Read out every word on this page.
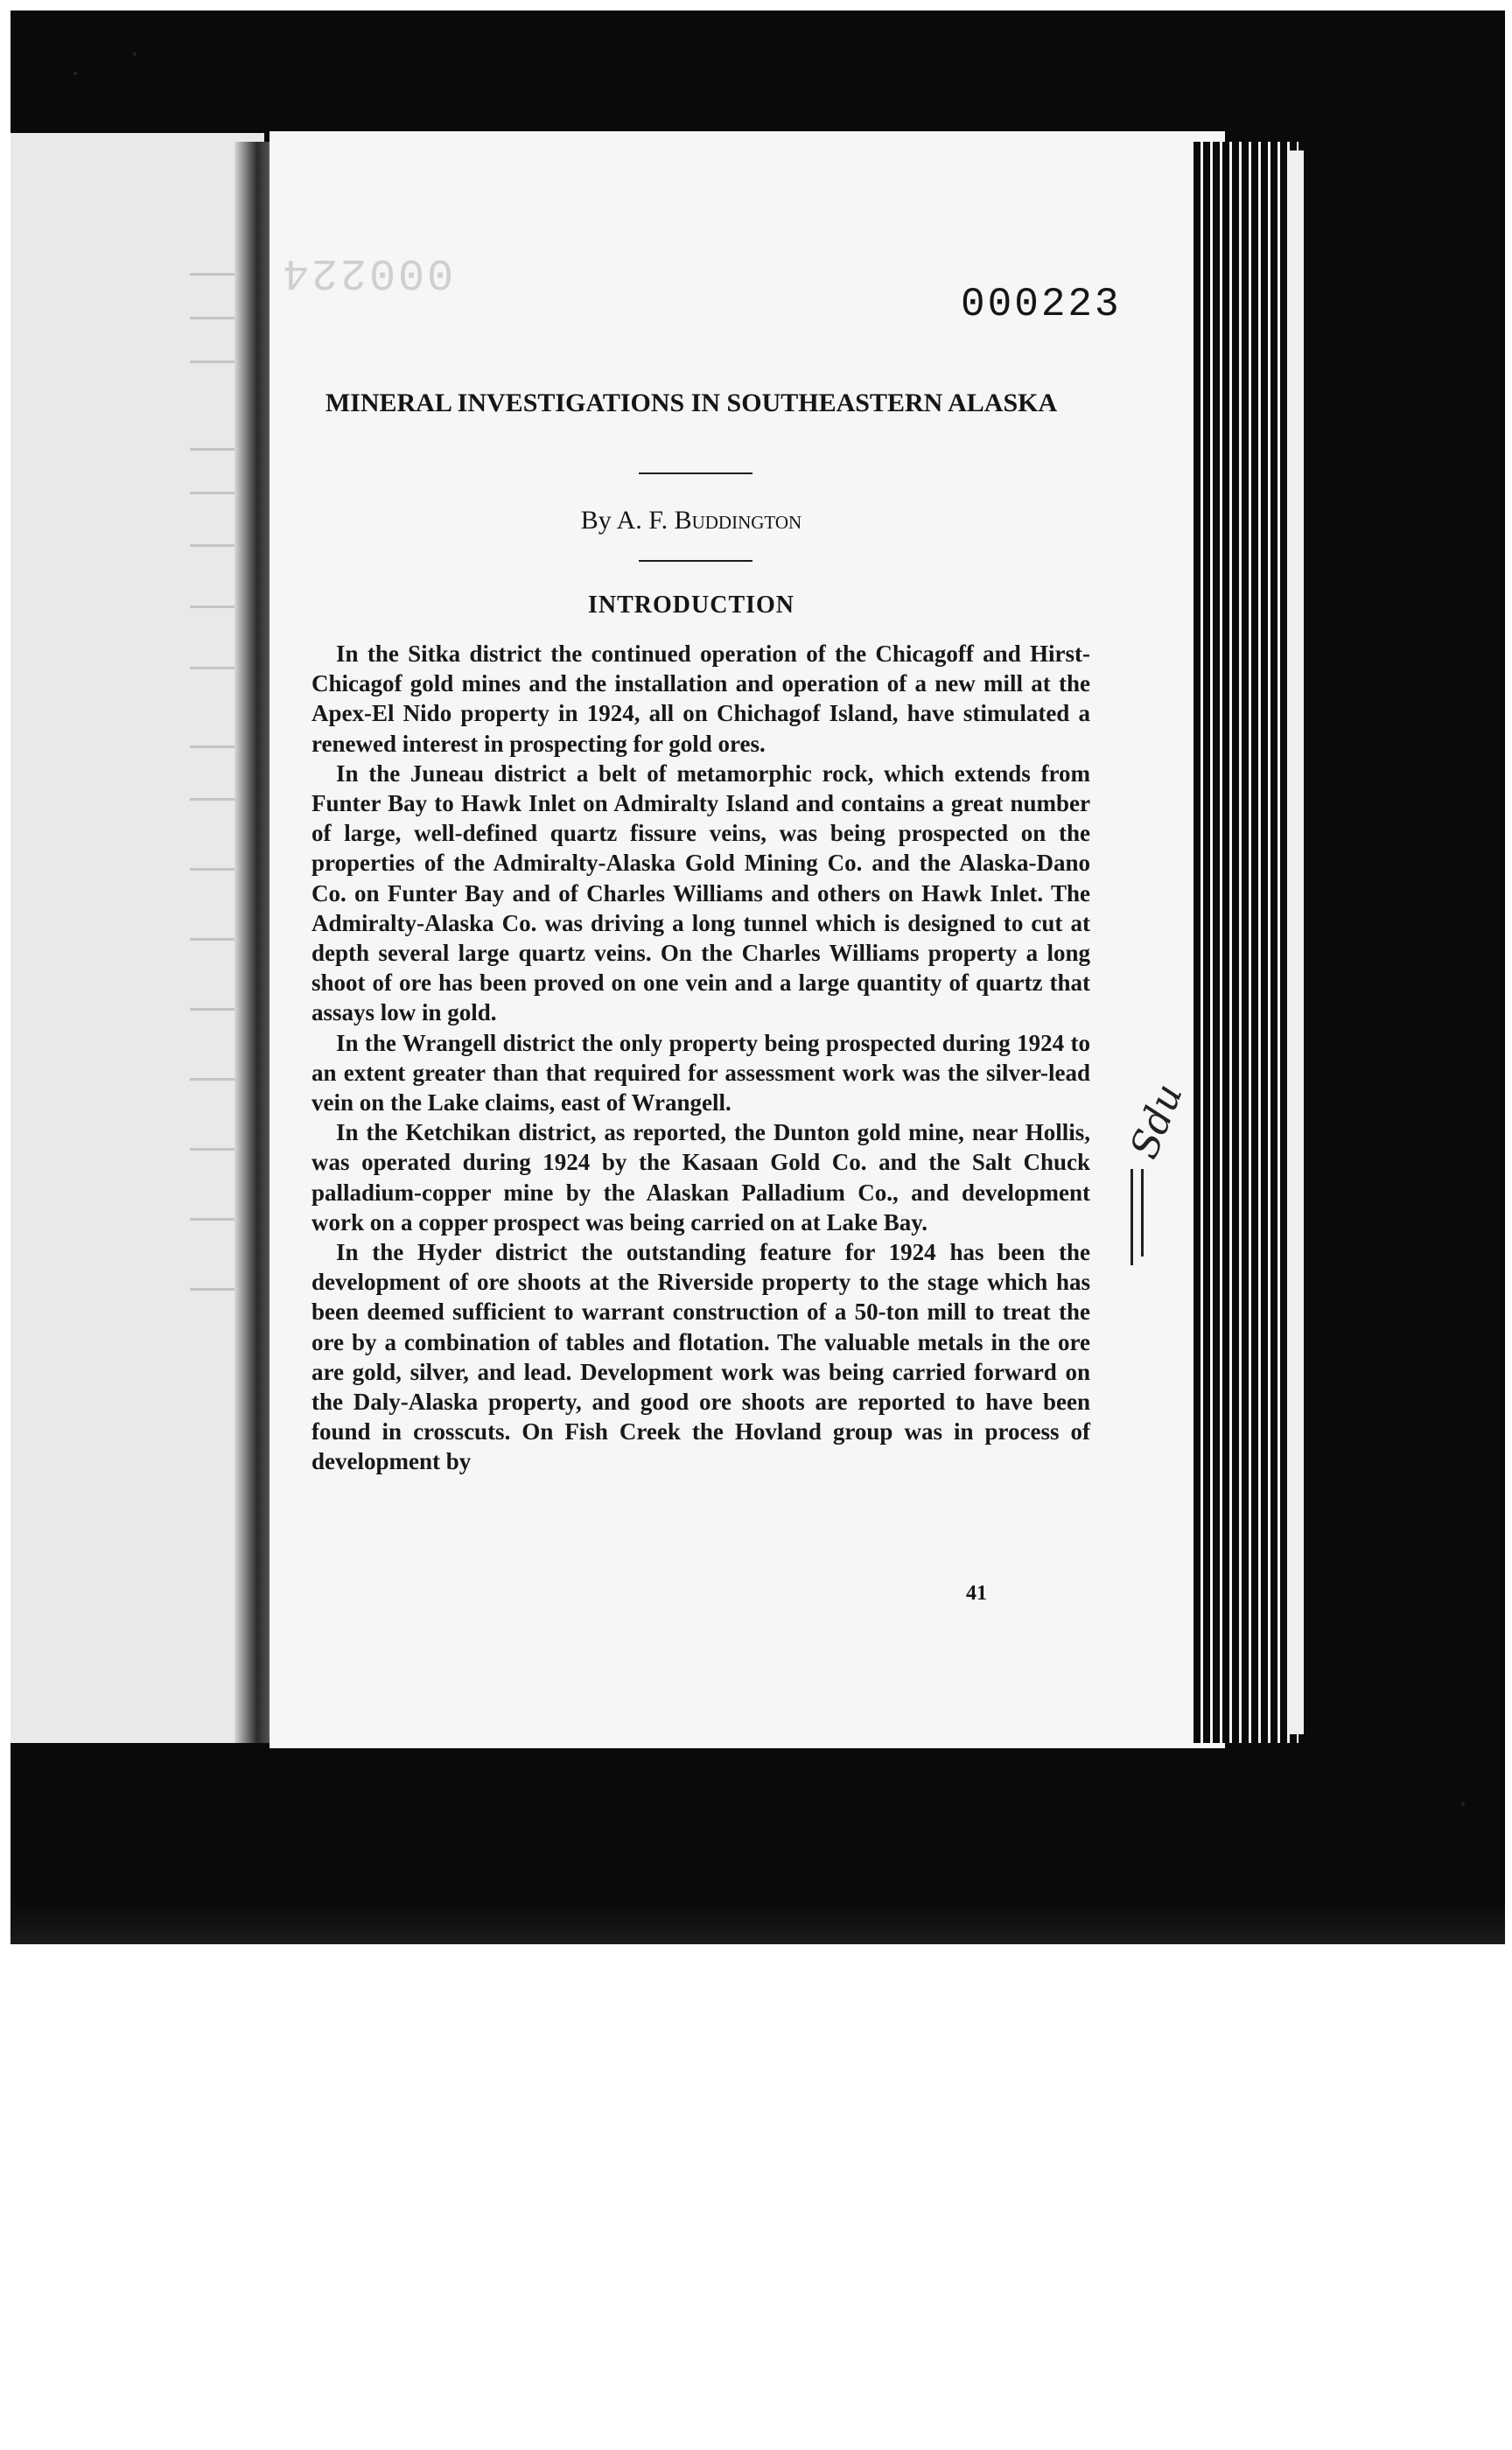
000224
000223
MINERAL INVESTIGATIONS IN SOUTHEASTERN ALASKA
By A. F. Buddington
INTRODUCTION

In the Sitka district the continued operation of the Chicagoff and Hirst-Chicagof gold mines and the installation and operation of a new mill at the Apex-El Nido property in 1924, all on Chichagof Island, have stimulated a renewed interest in prospecting for gold ores.

In the Juneau district a belt of metamorphic rock, which extends from Funter Bay to Hawk Inlet on Admiralty Island and contains a great number of large, well-defined quartz fissure veins, was being prospected on the properties of the Admiralty-Alaska Gold Mining Co. and the Alaska-Dano Co. on Funter Bay and of Charles Williams and others on Hawk Inlet. The Admiralty-Alaska Co. was driving a long tunnel which is designed to cut at depth several large quartz veins. On the Charles Williams property a long shoot of ore has been proved on one vein and a large quantity of quartz that assays low in gold.

In the Wrangell district the only property being prospected during 1924 to an extent greater than that required for assessment work was the silver-lead vein on the Lake claims, east of Wrangell.

In the Ketchikan district, as reported, the Dunton gold mine, near Hollis, was operated during 1924 by the Kasaan Gold Co. and the Salt Chuck palladium-copper mine by the Alaskan Palladium Co., and development work on a copper prospect was being carried on at Lake Bay.

In the Hyder district the outstanding feature for 1924 has been the development of ore shoots at the Riverside property to the stage which has been deemed sufficient to warrant construction of a 50-ton mill to treat the ore by a combination of tables and flotation. The valuable metals in the ore are gold, silver, and lead. Development work was being carried forward on the Daly-Alaska property, and good ore shoots are reported to have been found in crosscuts. On Fish Creek the Hovland group was in process of development by

41
Sdu
